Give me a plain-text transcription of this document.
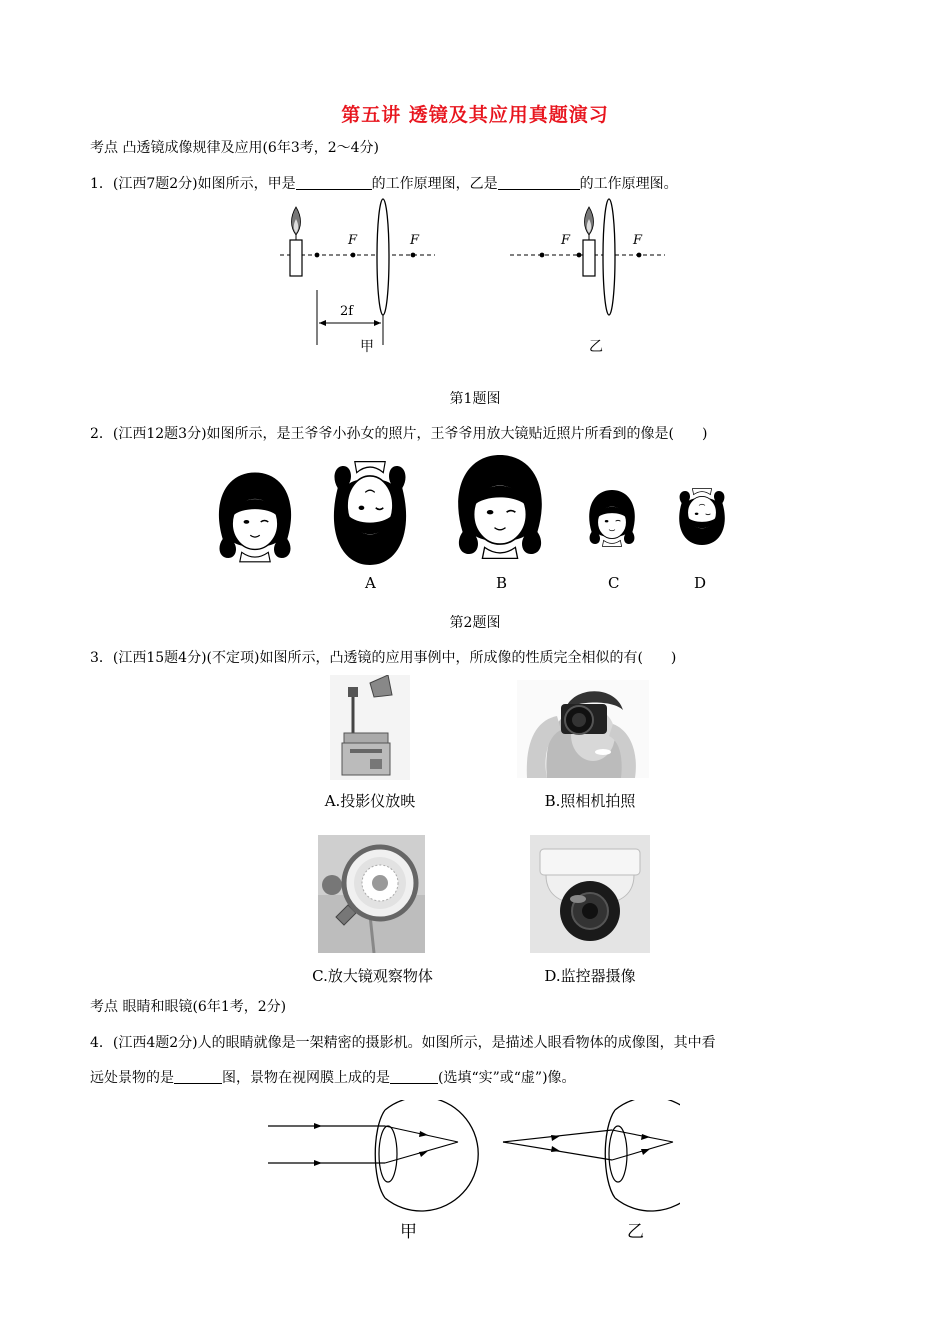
第五讲 透镜及其应用真题演习
考点 凸透镜成像规律及应用(6年3考，2～4分)
1．(江西7题2分)如图所示，甲是	的工作原理图，乙是	的工作原理图。
F	F
2f
甲
F	F
乙
第1题图
2．(江西12题3分)如图所示，是王爷爷小孙女的照片，王爷爷用放大镜贴近照片所看到的像是(　　)
A	B	C	D
第2题图
3．(江西15题4分)(不定项)如图所示，凸透镜的应用事例中，所成像的性质完全相似的有(　　)
A.投影仪放映	B.照相机拍照
C.放大镜观察物体	D.监控器摄像
考点 眼睛和眼镜(6年1考，2分)
4．(江西4题2分)人的眼睛就像是一架精密的摄影机。如图所示，是描述人眼看物体的成像图，其中看
远处景物的是	图，景物在视网膜上成的是	(选填“实”或“虚”)像。
甲	乙
